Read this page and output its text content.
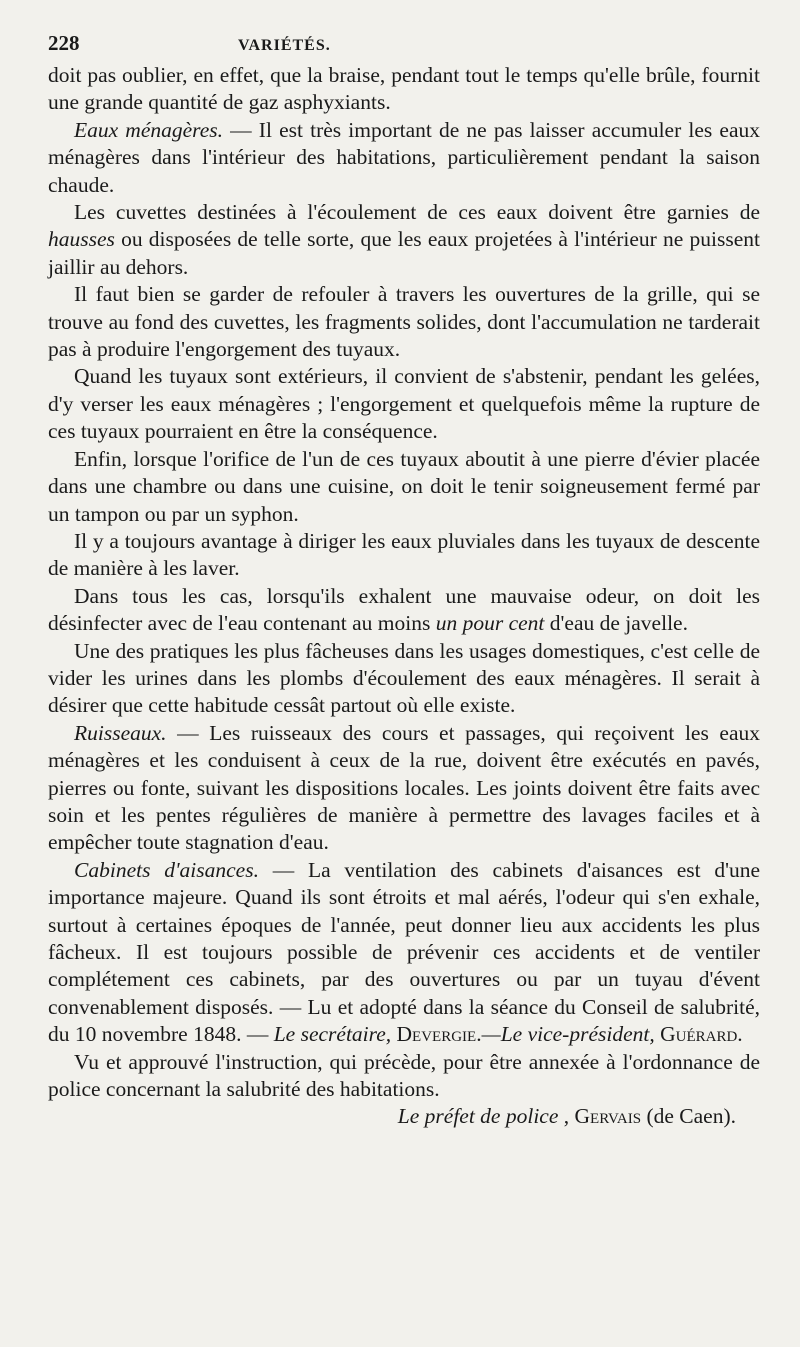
228	VARIÉTÉS.

doit pas oublier, en effet, que la braise, pendant tout le temps qu'elle brûle, fournit une grande quantité de gaz asphyxiants.

Eaux ménagères. — Il est très important de ne pas laisser accumuler les eaux ménagères dans l'intérieur des habitations, particulièrement pendant la saison chaude.

Les cuvettes destinées à l'écoulement de ces eaux doivent être garnies de hausses ou disposées de telle sorte, que les eaux projetées à l'intérieur ne puissent jaillir au dehors.

Il faut bien se garder de refouler à travers les ouvertures de la grille, qui se trouve au fond des cuvettes, les fragments solides, dont l'accumulation ne tarderait pas à produire l'engorgement des tuyaux.

Quand les tuyaux sont extérieurs, il convient de s'abstenir, pendant les gelées, d'y verser les eaux ménagères ; l'engorgement et quelquefois même la rupture de ces tuyaux pourraient en être la conséquence.

Enfin, lorsque l'orifice de l'un de ces tuyaux aboutit à une pierre d'évier placée dans une chambre ou dans une cuisine, on doit le tenir soigneusement fermé par un tampon ou par un syphon.

Il y a toujours avantage à diriger les eaux pluviales dans les tuyaux de descente de manière à les laver.

Dans tous les cas, lorsqu'ils exhalent une mauvaise odeur, on doit les désinfecter avec de l'eau contenant au moins un pour cent d'eau de javelle.

Une des pratiques les plus fâcheuses dans les usages domestiques, c'est celle de vider les urines dans les plombs d'écoulement des eaux ménagères. Il serait à désirer que cette habitude cessât partout où elle existe.

Ruisseaux. — Les ruisseaux des cours et passages, qui reçoivent les eaux ménagères et les conduisent à ceux de la rue, doivent être exécutés en pavés, pierres ou fonte, suivant les dispositions locales. Les joints doivent être faits avec soin et les pentes régulières de manière à permettre des lavages faciles et à empêcher toute stagnation d'eau.

Cabinets d'aisances. — La ventilation des cabinets d'aisances est d'une importance majeure. Quand ils sont étroits et mal aérés, l'odeur qui s'en exhale, surtout à certaines époques de l'année, peut donner lieu aux accidents les plus fâcheux. Il est toujours possible de prévenir ces accidents et de ventiler complétement ces cabinets, par des ouvertures ou par un tuyau d'évent convenablement disposés. — Lu et adopté dans la séance du Conseil de salubrité, du 10 novembre 1848. — Le secrétaire, Devergie.—Le vice-président, Guérard.

Vu et approuvé l'instruction, qui précède, pour être annexée à l'ordonnance de police concernant la salubrité des habitations.

Le préfet de police , Gervais (de Caen).
